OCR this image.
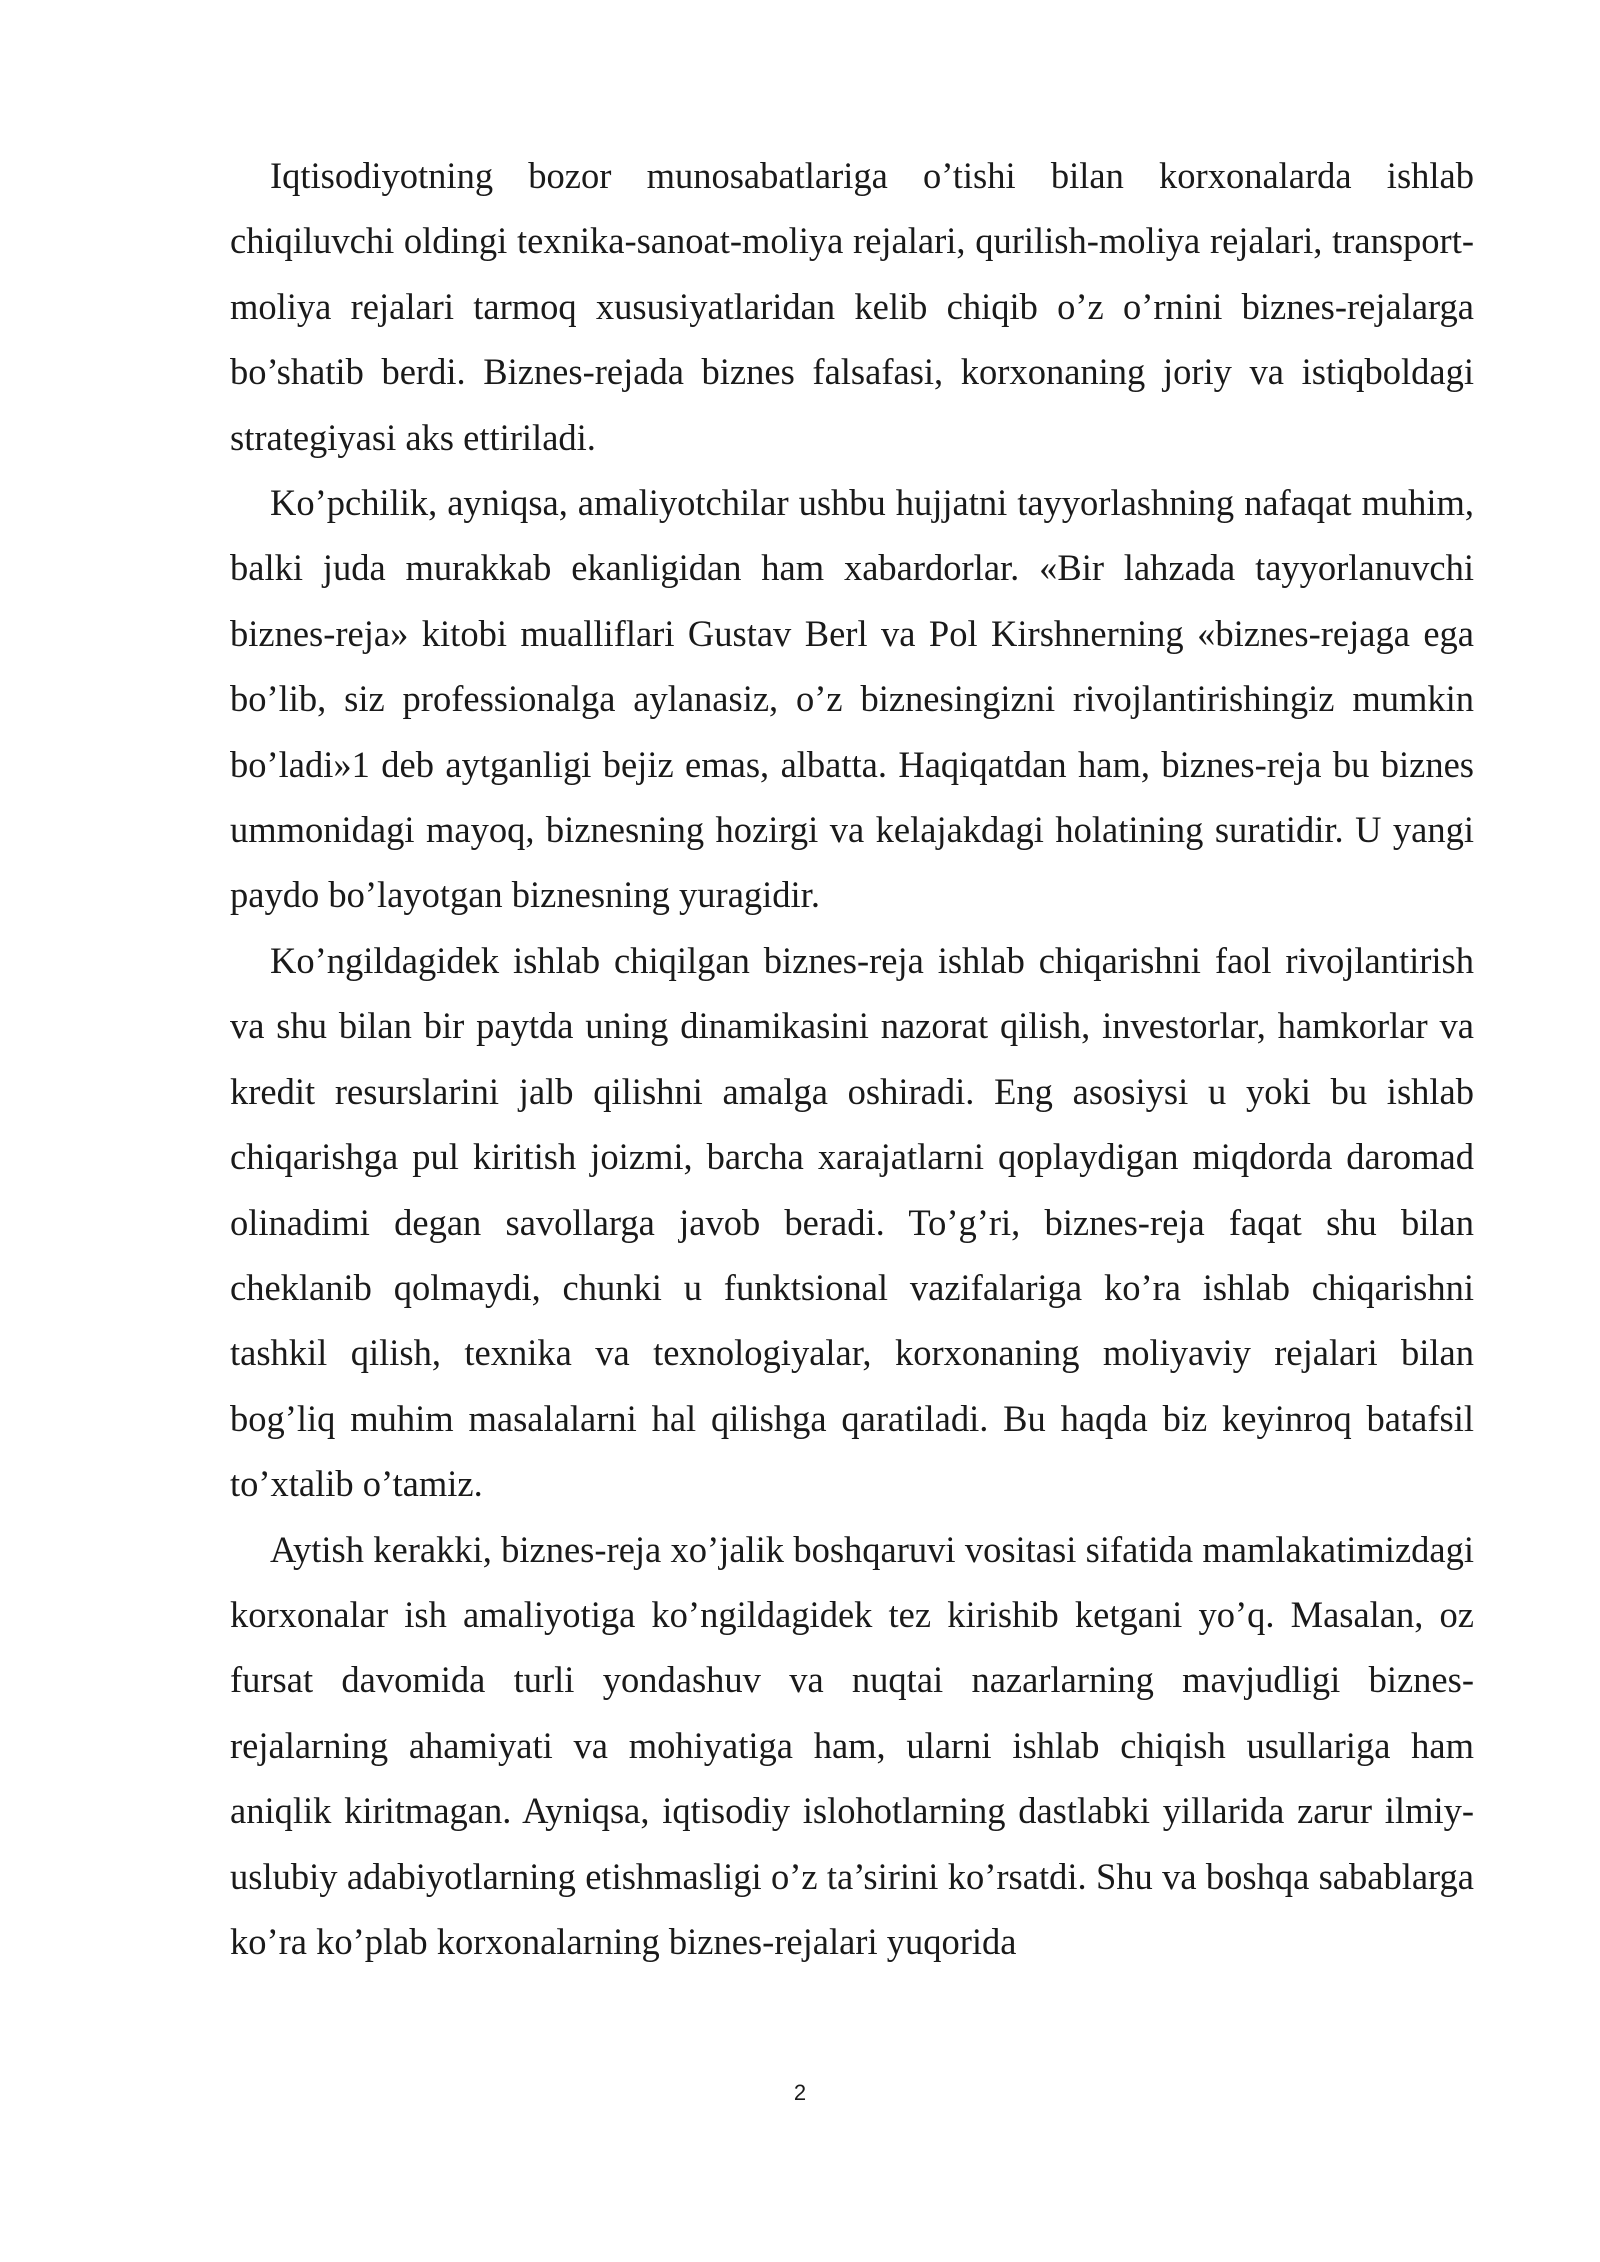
Iqtisodiyotning bozor munosabatlariga o’tishi bilan korxonalarda ishlab chiqiluvchi oldingi texnika-sanoat-moliya rejalari, qurilish-moliya rejalari, transport-moliya rejalari tarmoq xususiyatlaridan kelib chiqib o’z o’rnini biznes-rejalarga bo’shatib berdi. Biznes-rejada biznes falsafasi, korxonaning joriy va istiqboldagi strategiyasi aks ettiriladi.

Ko’pchilik, ayniqsa, amaliyotchilar ushbu hujjatni tayyorlashning nafaqat muhim, balki juda murakkab ekanligidan ham xabardorlar. «Bir lahzada tayyorlanuvchi biznes-reja» kitobi mualliflari Gustav Berl va Pol Kirshnerning «biznes-rejaga ega bo’lib, siz professionalga aylanasiz, o’z biznesingizni rivojlantirishingiz mumkin bo’ladi»1 deb aytganligi bejiz emas, albatta. Haqiqatdan ham, biznes-reja bu biznes ummonidagi mayoq, biznesning hozirgi va kelajakdagi holatining suratidir. U yangi paydo bo’layotgan biznesning yuragidir.

Ko’ngildagidek ishlab chiqilgan biznes-reja ishlab chiqarishni faol rivojlantirish va shu bilan bir paytda uning dinamikasini nazorat qilish, investorlar, hamkorlar va kredit resurslarini jalb qilishni amalga oshiradi. Eng asosiysi u yoki bu ishlab chiqarishga pul kiritish joizmi, barcha xarajatlarni qoplaydigan miqdorda daromad olinadimi degan savollarga javob beradi. To’g’ri, biznes-reja faqat shu bilan cheklanib qolmaydi, chunki u funktsional vazifalariga ko’ra ishlab chiqarishni tashkil qilish, texnika va texnologiyalar, korxonaning moliyaviy rejalari bilan bog’liq muhim masalalarni hal qilishga qaratiladi. Bu haqda biz keyinroq batafsil to’xtalib o’tamiz.

Aytish kerakki, biznes-reja xo’jalik boshqaruvi vositasi sifatida mamlakatimizdagi korxonalar ish amaliyotiga ko’ngildagidek tez kirishib ketgani yo’q. Masalan, oz fursat davomida turli yondashuv va nuqtai nazarlarning mavjudligi biznes-rejalarning ahamiyati va mohiyatiga ham, ularni ishlab chiqish usullariga ham aniqlik kiritmagan. Ayniqsa, iqtisodiy islohotlarning dastlabki yillarida zarur ilmiy-uslubiy adabiyotlarning etishmasligi o’z ta’sirini ko’rsatdi. Shu va boshqa sabablarga ko’ra ko’plab korxonalarning biznes-rejalari yuqorida

2
